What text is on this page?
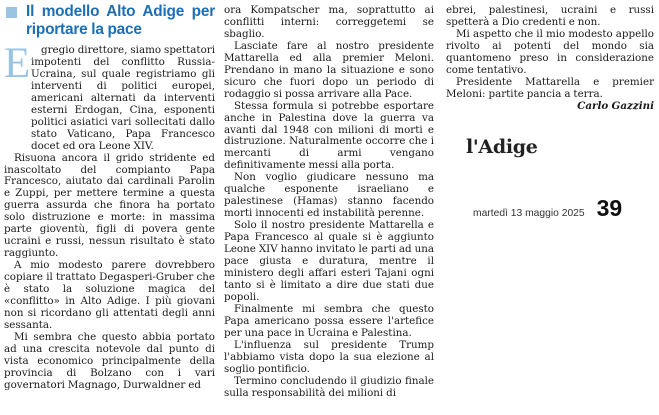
Il modello Alto Adige per riportare la pace
E	gregio direttore, siamo spettatori impotenti del conflitto Russia-Ucraina, sul quale registriamo gli interventi di politici europei, americani alternati da interventi esterni Erdogan, Cina, esponenti politici asiatici vari sollecitati dallo stato Vaticano, Papa Francesco docet ed ora Leone XIV.

Risuona ancora il grido stridente ed inascoltato del compianto Papa Francesco, aiutato dai cardinali Parolin e Zuppi, per mettere termine a questa guerra assurda che finora ha portato solo distruzione e morte: in massima parte gioventù, figli di povera gente ucraini e russi, nessun risultato è stato raggiunto.

A mio modesto parere dovrebbero copiare il trattato Degasperi-Gruber che è stato la soluzione magica del «conflitto» in Alto Adige. I più giovani non si ricordano gli attentati degli anni sessanta.

Mi sembra che questo abbia portato ad una crescita notevole dal punto di vista economico principalmente della provincia di Bolzano con i vari governatori Magnago, Durwaldner ed

ora Kompatscher ma, soprattutto ai conflitti interni: correggetemi se sbaglio.

Lasciate fare al nostro presidente Mattarella ed alla premier Meloni. Prendano in mano la situazione e sono sicuro che fuori dopo un periodo di rodaggio si possa arrivare alla Pace.

Stessa formula si potrebbe esportare anche in Palestina dove la guerra va avanti dal 1948 con milioni di morti e distruzione. Naturalmente occorre che i mercanti di armi vengano definitivamente messi alla porta.

Non voglio giudicare nessuno ma qualche esponente israeliano e palestinese (Hamas) stanno facendo morti innocenti ed instabilità perenne.

Solo il nostro presidente Mattarella e Papa Francesco al quale si è aggiunto Leone XIV hanno invitato le parti ad una pace giusta e duratura, mentre il ministero degli affari esteri Tajani ogni tanto si è limitato a dire due stati due popoli.

Finalmente mi sembra che questo Papa americano possa essere l'artefice per una pace in Ucraina e Palestina.

L'influenza sul presidente Trump l'abbiamo vista dopo la sua elezione al soglio pontificio.

Termino concludendo il giudizio finale sulla responsabilità dei milioni di

ebrei, palestinesi, ucraini e russi spetterà a Dio credenti e non.

Mi aspetto che il mio modesto appello rivolto ai potenti del mondo sia quantomeno preso in considerazione come tentativo.

Presidente Mattarella e premier Meloni: partite pancia a terra.

Carlo Gazzini

l'Adige
martedì 13 maggio 2025 39
